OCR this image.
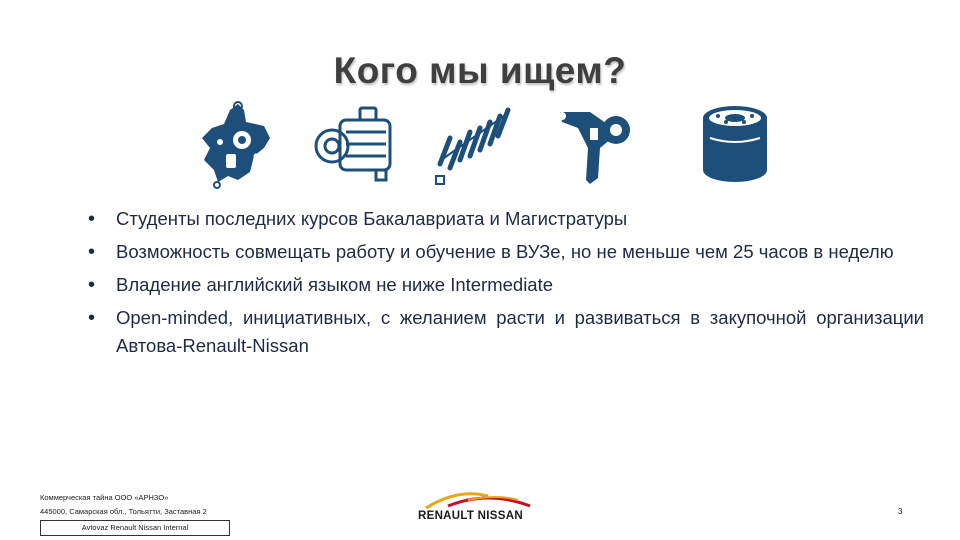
Кого мы ищем?
• Студенты последних курсов Бакалавриата и Магистратуры
• Возможность совмещать работу и обучение в ВУЗе, но не меньше чем 25 часов в неделю
• Владение английский языком не ниже Intermediate
• Open-minded, инициативных, с желанием расти и развиваться в закупочной организации Автова-Renault-Nissan
Коммерческая тайна ООО «АРНЗО»
445000, Самарская обл., Тольятти, Заставная 2
Avtovaz Renault Nissan Internal
RENAULT NISSAN	3
